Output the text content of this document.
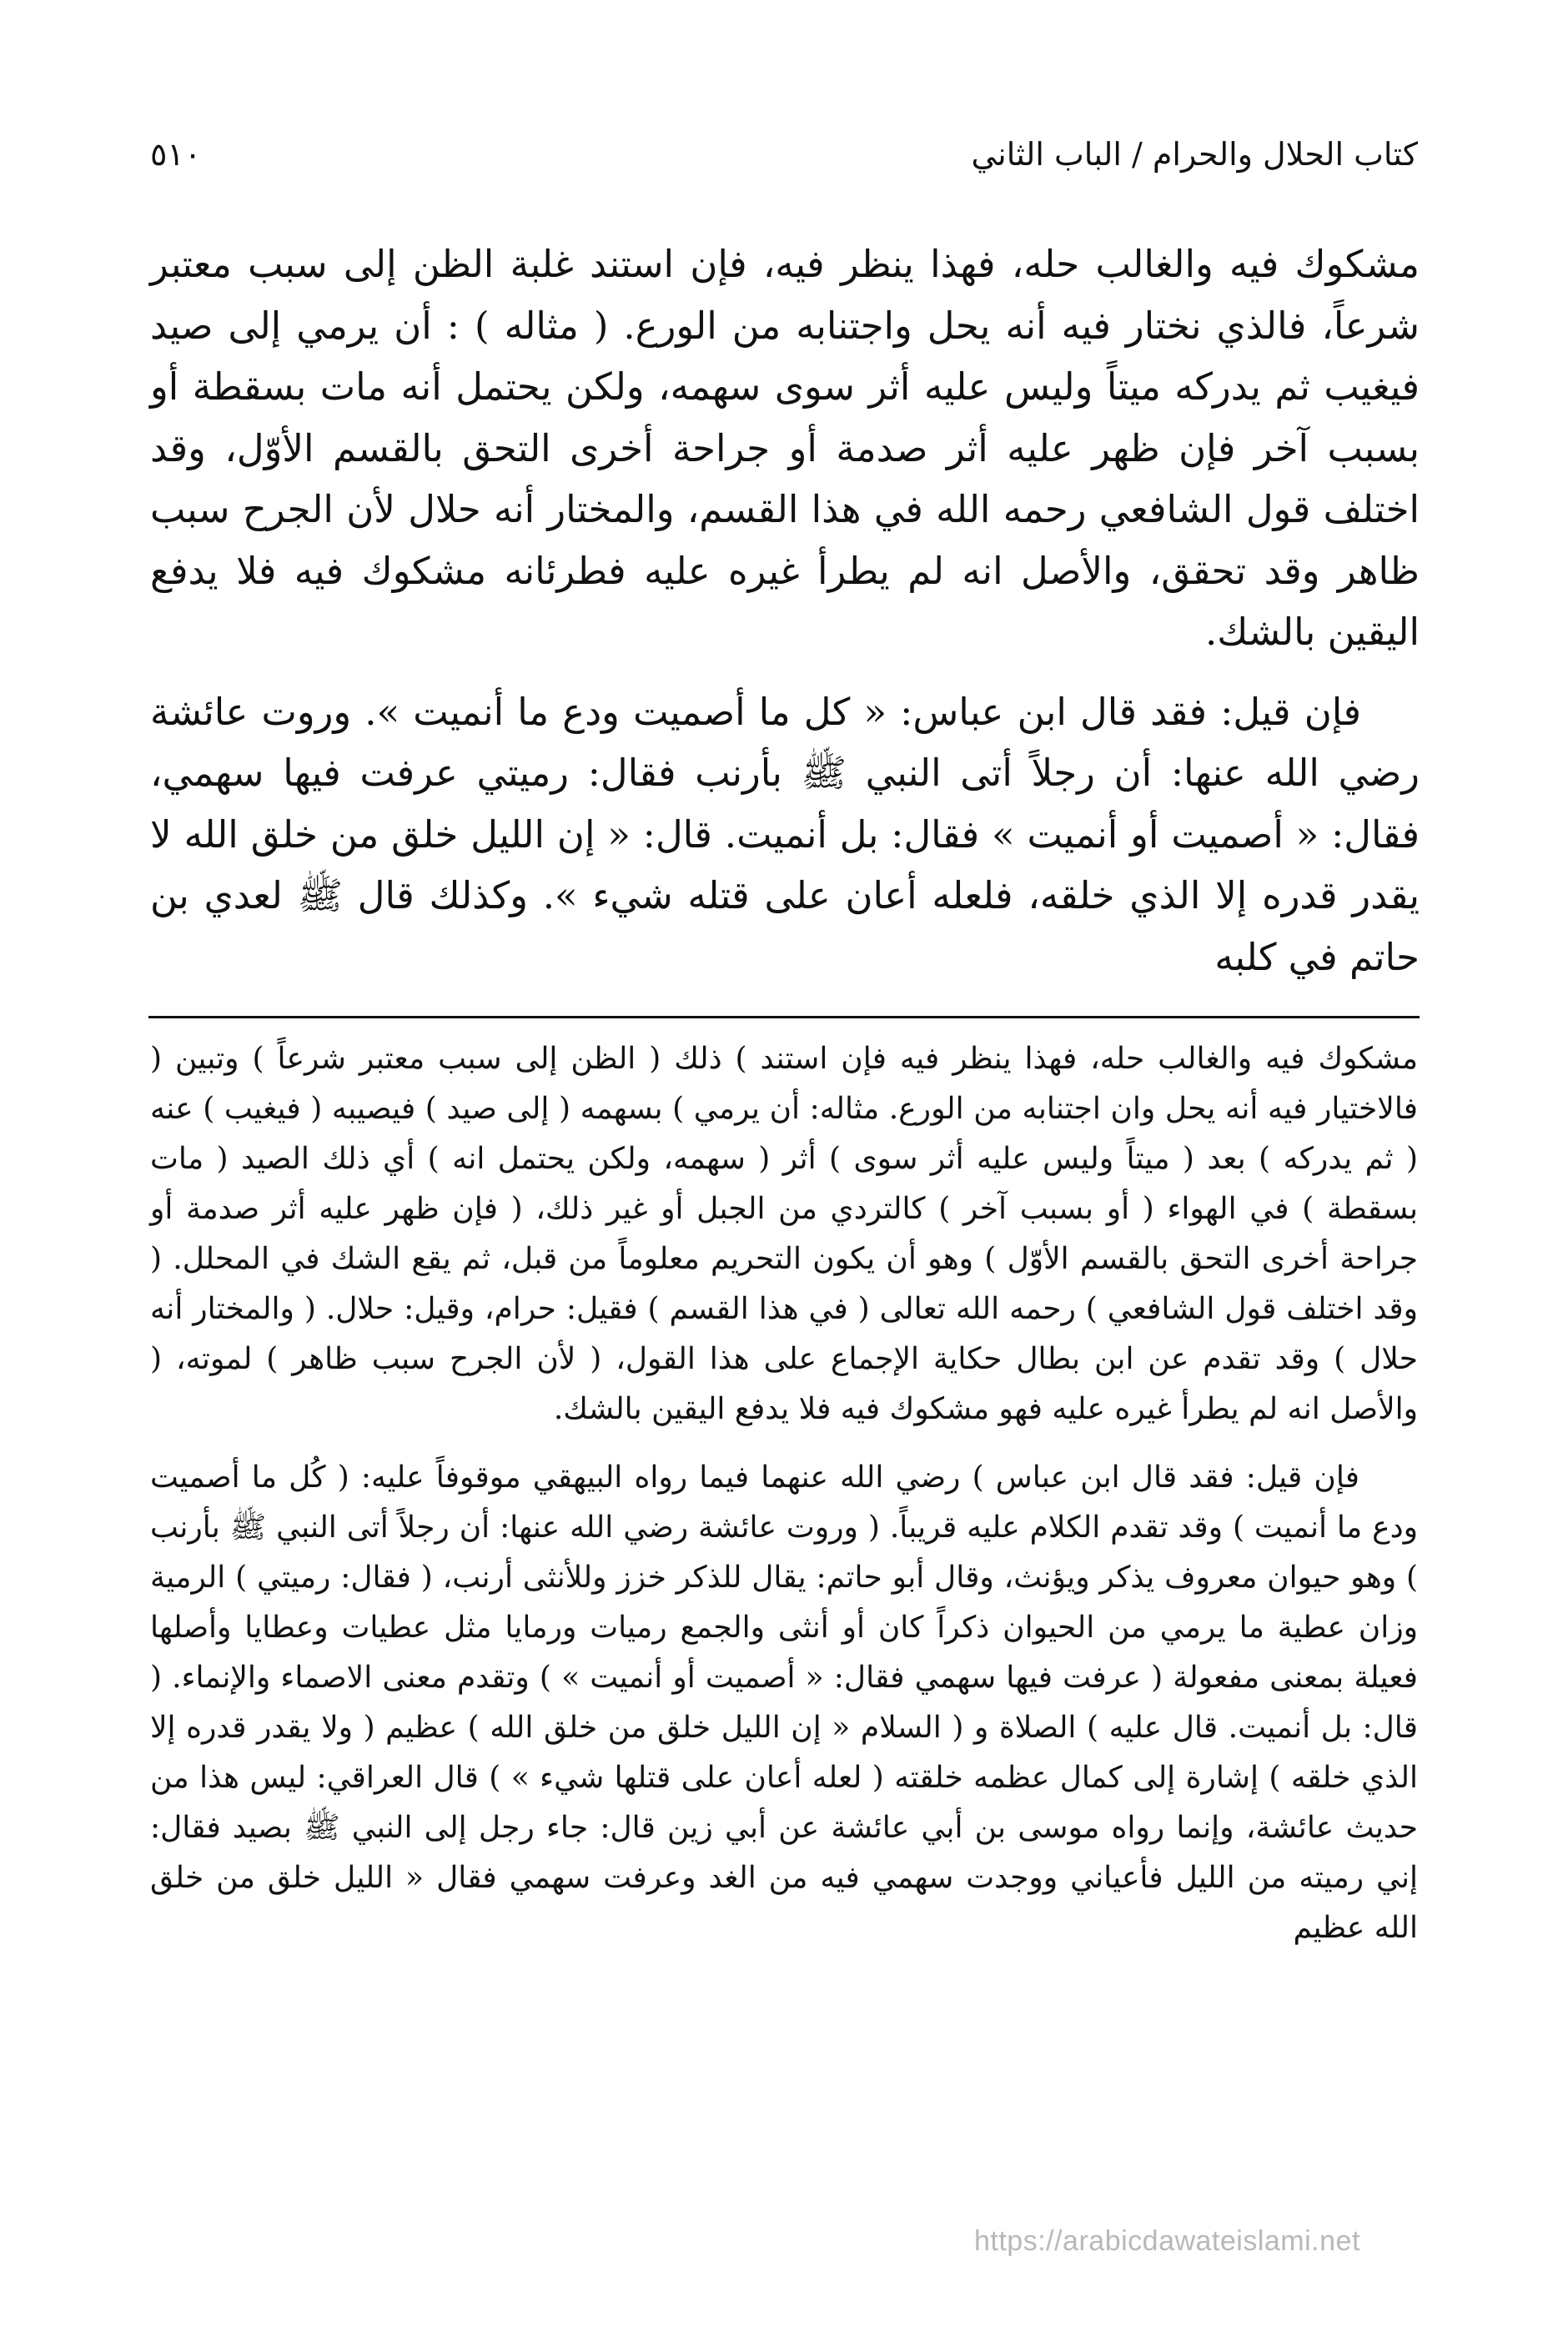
كتاب الحلال والحرام / الباب الثاني
٥١٠

مشكوك فيه والغالب حله، فهذا ينظر فيه، فإن استند غلبة الظن إلى سبب معتبر شرعاً، فالذي نختار فيه أنه يحل واجتنابه من الورع. ( مثاله ) : أن يرمي إلى صيد فيغيب ثم يدركه ميتاً وليس عليه أثر سوى سهمه، ولكن يحتمل أنه مات بسقطة أو بسبب آخر فإن ظهر عليه أثر صدمة أو جراحة أخرى التحق بالقسم الأوّل، وقد اختلف قول الشافعي رحمه الله في هذا القسم، والمختار أنه حلال لأن الجرح سبب ظاهر وقد تحقق، والأصل انه لم يطرأ غيره عليه فطرئانه مشكوك فيه فلا يدفع اليقين بالشك.

فإن قيل: فقد قال ابن عباس: « كل ما أصميت ودع ما أنميت ». وروت عائشة رضي الله عنها: أن رجلاً أتى النبي ﷺ بأرنب فقال: رميتي عرفت فيها سهمي، فقال: « أصميت أو أنميت » فقال: بل أنميت. قال: « إن الليل خلق من خلق الله لا يقدر قدره إلا الذي خلقه، فلعله أعان على قتله شيء ». وكذلك قال ﷺ لعدي بن حاتم في كلبه

مشكوك فيه والغالب حله، فهذا ينظر فيه فإن استند ) ذلك ( الظن إلى سبب معتبر شرعاً ) وتبين ( فالاختيار فيه أنه يحل وان اجتنابه من الورع. مثاله: أن يرمي ) بسهمه ( إلى صيد ) فيصيبه ( فيغيب ) عنه ( ثم يدركه ) بعد ( ميتاً وليس عليه أثر سوى ) أثر ( سهمه، ولكن يحتمل انه ) أي ذلك الصيد ( مات بسقطة ) في الهواء ( أو بسبب آخر ) كالتردي من الجبل أو غير ذلك، ( فإن ظهر عليه أثر صدمة أو جراحة أخرى التحق بالقسم الأوّل ) وهو أن يكون التحريم معلوماً من قبل، ثم يقع الشك في المحلل. ( وقد اختلف قول الشافعي ) رحمه الله تعالى ( في هذا القسم ) فقيل: حرام، وقيل: حلال. ( والمختار أنه حلال ) وقد تقدم عن ابن بطال حكاية الإجماع على هذا القول، ( لأن الجرح سبب ظاهر ) لموته، ( والأصل انه لم يطرأ غيره عليه فهو مشكوك فيه فلا يدفع اليقين بالشك.

فإن قيل: فقد قال ابن عباس ) رضي الله عنهما فيما رواه البيهقي موقوفاً عليه: ( كُل ما أصميت ودع ما أنميت ) وقد تقدم الكلام عليه قريباً. ( وروت عائشة رضي الله عنها: أن رجلاً أتى النبي ﷺ بأرنب ) وهو حيوان معروف يذكر ويؤنث، وقال أبو حاتم: يقال للذكر خزز وللأنثى أرنب، ( فقال: رميتي ) الرمية وزان عطية ما يرمي من الحيوان ذكراً كان أو أنثى والجمع رميات ورمايا مثل عطيات وعطايا وأصلها فعيلة بمعنى مفعولة ( عرفت فيها سهمي فقال: « أصميت أو أنميت » ) وتقدم معنى الاصماء والإنماء. ( قال: بل أنميت. قال عليه ) الصلاة و ( السلام « إن الليل خلق من خلق الله ) عظيم ( ولا يقدر قدره إلا الذي خلقه ) إشارة إلى كمال عظمه خلقته ( لعله أعان على قتلها شيء » ) قال العراقي: ليس هذا من حديث عائشة، وإنما رواه موسى بن أبي عائشة عن أبي زين قال: جاء رجل إلى النبي ﷺ بصيد فقال: إني رميته من الليل فأعياني ووجدت سهمي فيه من الغد وعرفت سهمي فقال « الليل خلق من خلق الله عظيم

https://arabicdawateislami.net
